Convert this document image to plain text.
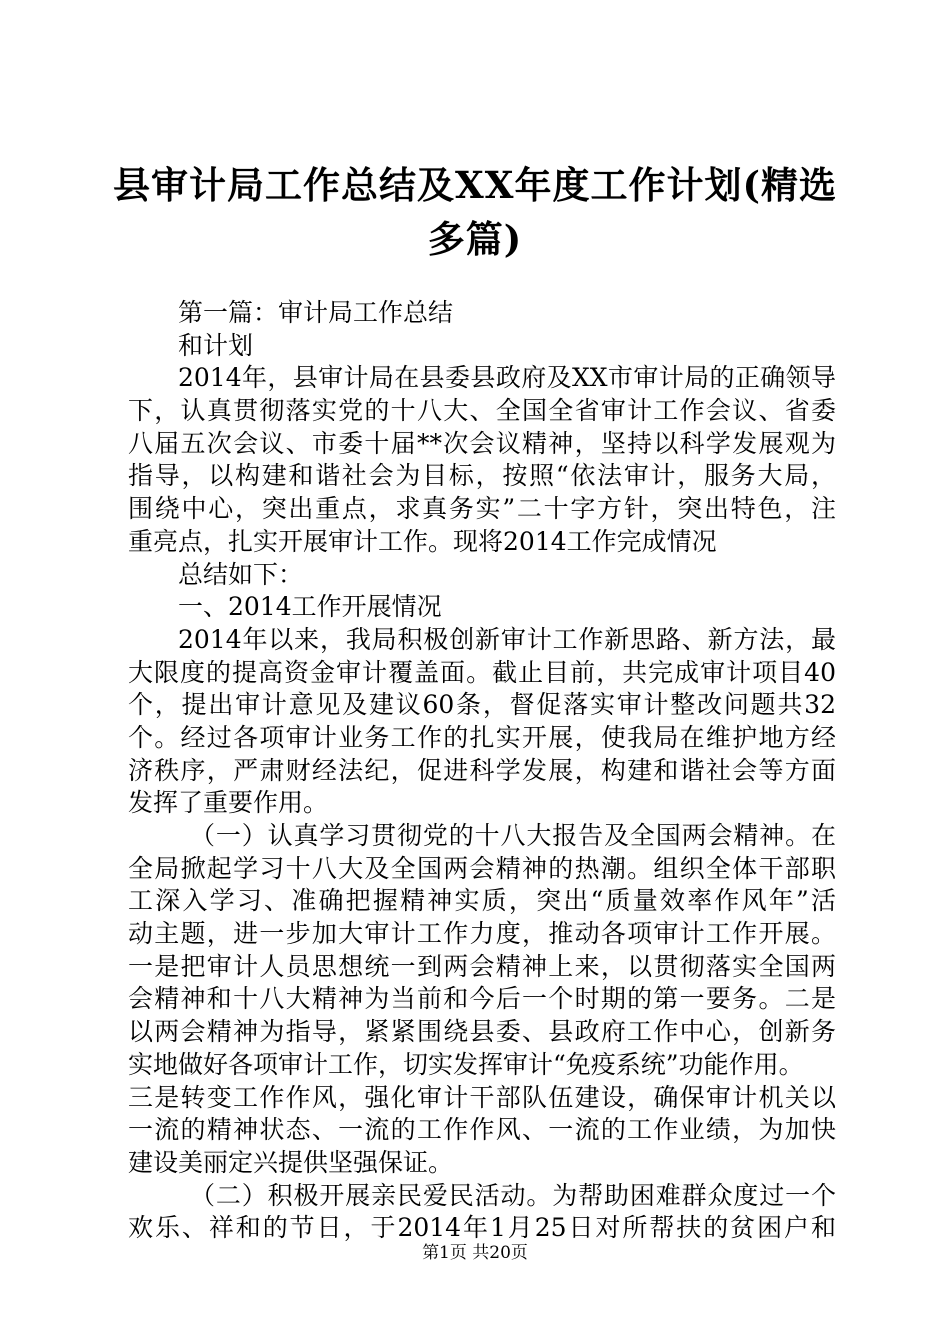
县审计局工作总结及XX年度工作计划(精选多篇)
第一篇：审计局工作总结
和计划
2014年，县审计局在县委县政府及XX市审计局的正确领导
下，认真贯彻落实党的十八大、全国全省审计工作会议、省委
八届五次会议、市委十届**次会议精神，坚持以科学发展观为
指导，以构建和谐社会为目标，按照“依法审计，服务大局，
围绕中心，突出重点，求真务实”二十字方针，突出特色，注
重亮点，扎实开展审计工作。现将2014工作完成情况
总结如下：
一、2014工作开展情况
2014年以来，我局积极创新审计工作新思路、新方法，最
大限度的提高资金审计覆盖面。截止目前，共完成审计项目40
个，提出审计意见及建议60条，督促落实审计整改问题共32
个。经过各项审计业务工作的扎实开展，使我局在维护地方经
济秩序，严肃财经法纪，促进科学发展，构建和谐社会等方面
发挥了重要作用。
（一）认真学习贯彻党的十八大报告及全国两会精神。在
全局掀起学习十八大及全国两会精神的热潮。组织全体干部职
工深入学习、准确把握精神实质，突出“质量效率作风年”活
动主题，进一步加大审计工作力度，推动各项审计工作开展。
一是把审计人员思想统一到两会精神上来，以贯彻落实全国两
会精神和十八大精神为当前和今后一个时期的第一要务。二是
以两会精神为指导，紧紧围绕县委、县政府工作中心，创新务
实地做好各项审计工作，切实发挥审计“免疫系统”功能作用。
三是转变工作作风，强化审计干部队伍建设，确保审计机关以
一流的精神状态、一流的工作作风、一流的工作业绩，为加快
建设美丽定兴提供坚强保证。
（二）积极开展亲民爱民活动。为帮助困难群众度过一个
欢乐、祥和的节日，于2014年1月25日对所帮扶的贫困户和
第1页 共20页
